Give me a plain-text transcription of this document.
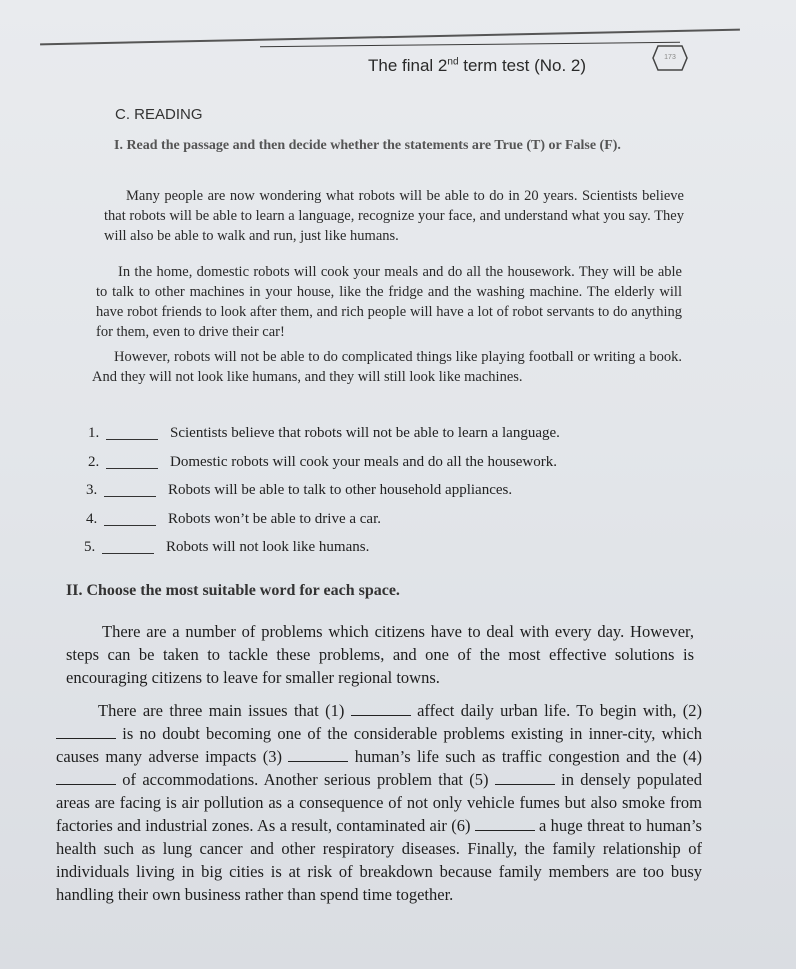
The final 2nd term test (No. 2)	173
C. READING
I. Read the passage and then decide whether the statements are True (T) or False (F).
Many people are now wondering what robots will be able to do in 20 years. Scientists believe that robots will be able to learn a language, recognize your face, and understand what you say. They will also be able to walk and run, just like humans.
In the home, domestic robots will cook your meals and do all the housework. They will be able to talk to other machines in your house, like the fridge and the washing machine. The elderly will have robot friends to look after them, and rich people will have a lot of robot servants to do anything for them, even to drive their car!
However, robots will not be able to do complicated things like playing football or writing a book. And they will not look like humans, and they will still look like machines.
1.	Scientists believe that robots will not be able to learn a language.
2.	Domestic robots will cook your meals and do all the housework.
3.	Robots will be able to talk to other household appliances.
4.	Robots won’t be able to drive a car.
5.	Robots will not look like humans.
II. Choose the most suitable word for each space.
There are a number of problems which citizens have to deal with every day. However, steps can be taken to tackle these problems, and one of the most effective solutions is encouraging citizens to leave for smaller regional towns.
There are three main issues that (1)	affect daily urban life. To begin with, (2) is no doubt becoming one of the considerable problems existing in inner-city, which causes many adverse impacts (3)	human’s life such as traffic congestion and the (4)  of accommodations. Another serious problem that (5)	in densely populated areas are facing is air pollution as a consequence of not only vehicle fumes but also smoke from factories and industrial zones. As a result, contaminated air (6)	a huge threat to human’s health such as lung cancer and other respiratory diseases. Finally, the family relationship of individuals living in big cities is at risk of breakdown because family members are too busy handling their own business rather than spend time together.
